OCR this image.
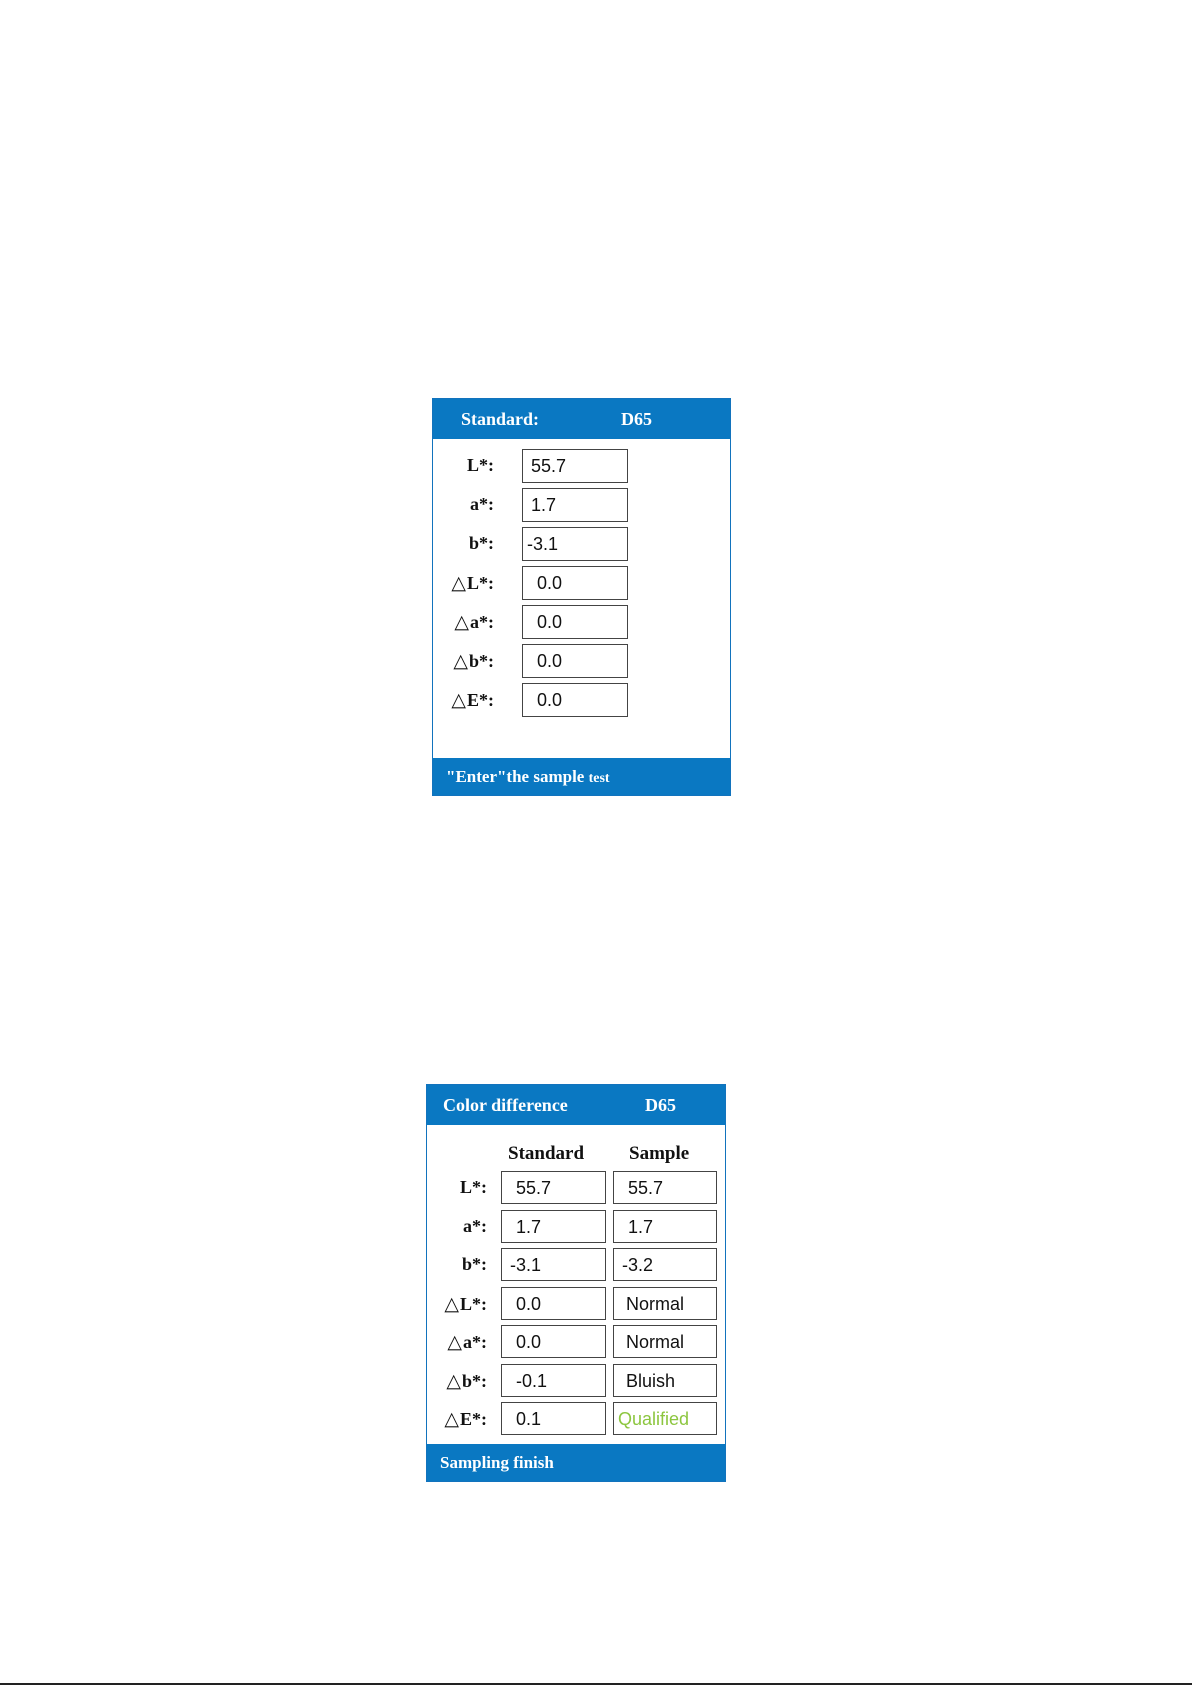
Standard:	D65
L*:	55.7
a*:	1.7
b*: -3.1
△L*:	0.0
△a*:	0.0
△b*:	0.0
△E*:	0.0
"Enter"the sample test
Color difference	D65
Standard Sample
L*:	55.7	55.7
a*:	1.7	1.7
b*:	-3.1	-3.2
△L*:	0.0	Normal
△a*:	0.0	Normal
△b*:	-0.1	Bluish
△E*:	0.1	Qualified
Sampling finish
